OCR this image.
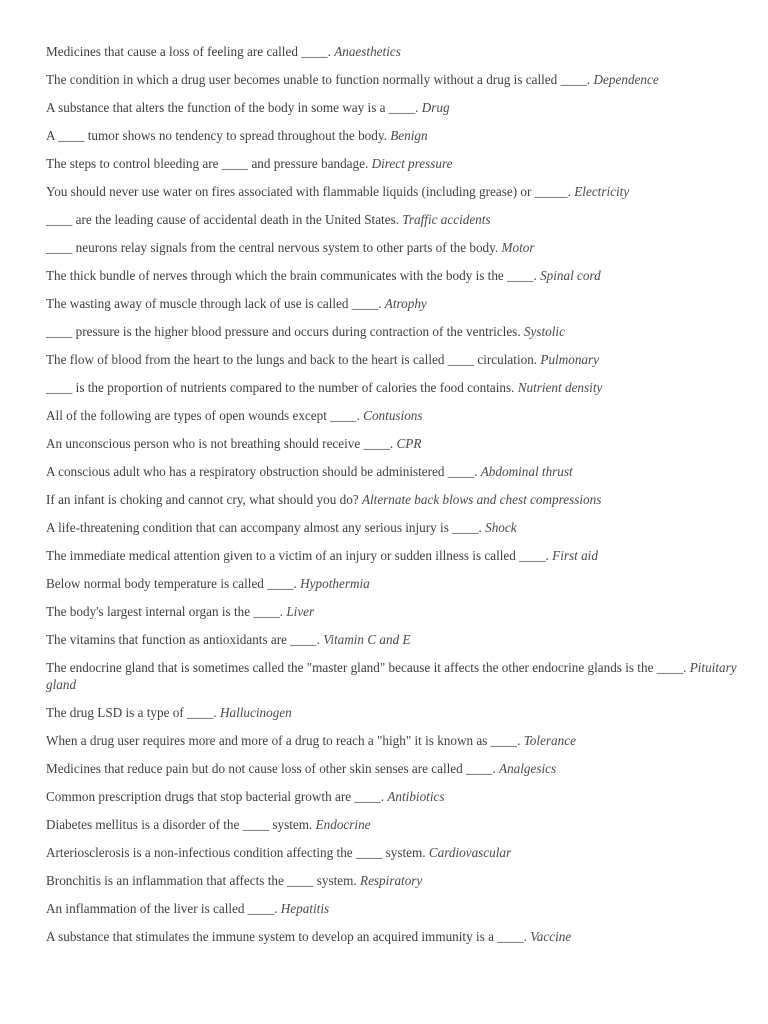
Medicines that cause a loss of feeling are called ____. Anaesthetics
The condition in which a drug user becomes unable to function normally without a drug is called ____. Dependence
A substance that alters the function of the body in some way is a ____. Drug
A ____ tumor shows no tendency to spread throughout the body. Benign
The steps to control bleeding are ____ and pressure bandage. Direct pressure
You should never use water on fires associated with flammable liquids (including grease) or _____. Electricity
____ are the leading cause of accidental death in the United States. Traffic accidents
____ neurons relay signals from the central nervous system to other parts of the body. Motor
The thick bundle of nerves through which the brain communicates with the body is the ____. Spinal cord
The wasting away of muscle through lack of use is called ____. Atrophy
____ pressure is the higher blood pressure and occurs during contraction of the ventricles. Systolic
The flow of blood from the heart to the lungs and back to the heart is called ____ circulation. Pulmonary
____ is the proportion of nutrients compared to the number of calories the food contains. Nutrient density
All of the following are types of open wounds except ____. Contusions
An unconscious person who is not breathing should receive ____. CPR
A conscious adult who has a respiratory obstruction should be administered ____. Abdominal thrust
If an infant is choking and cannot cry, what should you do? Alternate back blows and chest compressions
A life-threatening condition that can accompany almost any serious injury is ____. Shock
The immediate medical attention given to a victim of an injury or sudden illness is called ____. First aid
Below normal body temperature is called ____. Hypothermia
The body's largest internal organ is the ____. Liver
The vitamins that function as antioxidants are ____. Vitamin C and E
The endocrine gland that is sometimes called the "master gland" because it affects the other endocrine glands is the ____. Pituitary gland
The drug LSD is a type of ____. Hallucinogen
When a drug user requires more and more of a drug to reach a "high" it is known as ____. Tolerance
Medicines that reduce pain but do not cause loss of other skin senses are called ____. Analgesics
Common prescription drugs that stop bacterial growth are ____. Antibiotics
Diabetes mellitus is a disorder of the ____ system. Endocrine
Arteriosclerosis is a non-infectious condition affecting the ____ system. Cardiovascular
Bronchitis is an inflammation that affects the ____ system. Respiratory
An inflammation of the liver is called ____. Hepatitis
A substance that stimulates the immune system to develop an acquired immunity is a ____. Vaccine
